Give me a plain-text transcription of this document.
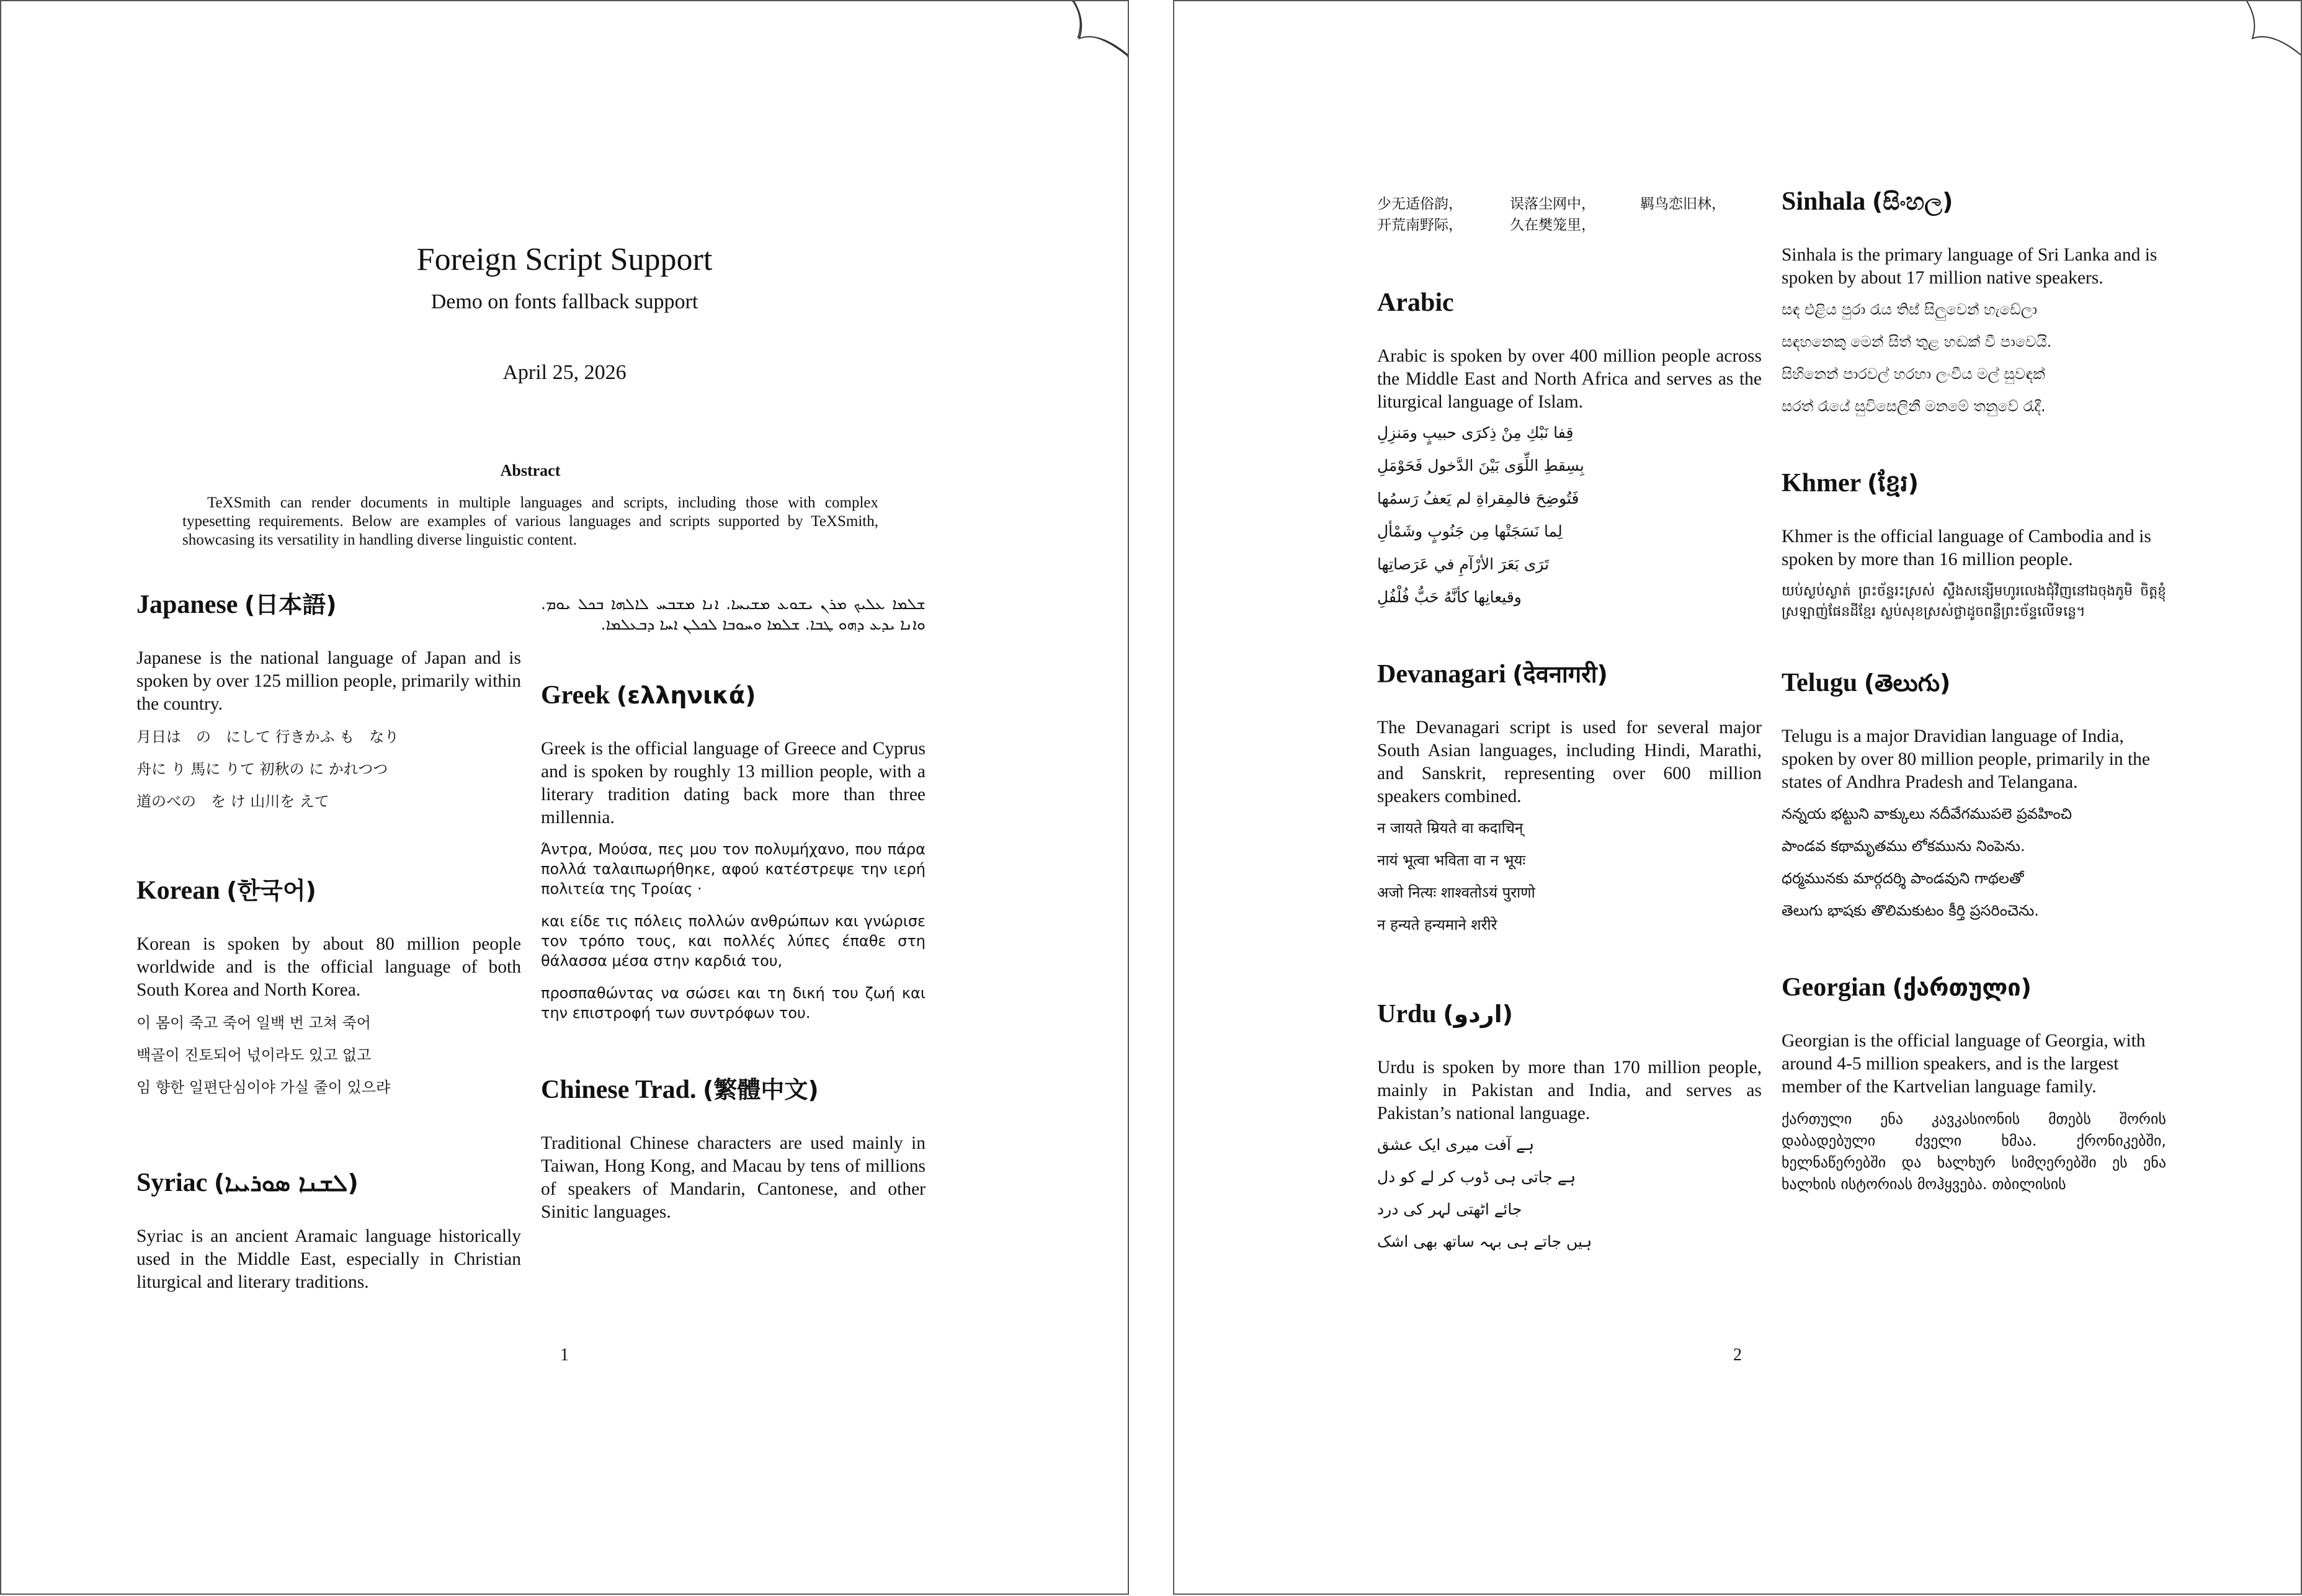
Foreign Script Support
Demo on fonts fallback support
April 25, 2026
Abstract

TeXSmith can render documents in multiple languages and scripts, including those with complex typesetting requirements. Below are examples of various languages and scripts supported by TeXSmith, showcasing its versatility in handling diverse linguistic content.

Japanese (日本語)

Japanese is the national language of Japan and is spoken by over 125 million people, primarily within the country.

月日は　の　にして 行きかふ も　なり

舟に り 馬に りて 初秋の に かれつつ

道のべの　を け 山川を えて

Korean (한국어)

Korean is spoken by about 80 million people worldwide and is the official language of both South Korea and North Korea.

이 몸이 죽고 죽어 일백 번 고쳐 죽어

백골이 진토되어 넋이라도 있고 없고

임 향한 일편단심이야 가실 줄이 있으랴

Syriac (ܠܫܢܐ ܣܘܪܝܝܐ)

Syriac is an ancient Aramaic language historically used in the Middle East, especially in Christian liturgical and literary traditions.

ܫܠܡܐ ܥܠܝܟ ܡܪܢ ܝܫܘܥ ܡܫܝܚܐ. ܐܢܐ ܡܫܒܚ ܠܐܠܗܐ ܒܟܠ ܝܘܡ. ܘܐܢܐ ܝܕܥ ܕܗܘ ܛܒܐ. ܫܠܡܐ ܘܚܘܒܐ ܠܟܠܢ ܐܚܐ ܕܒܥܠܡܐ.
Greek (ελληνικά)

Greek is the official language of Greece and Cyprus and is spoken by roughly 13 million people, with a literary tradition dating back more than three millennia.

Άντρα, Μούσα, πες μου τον πολυμήχανο, που πάρα πολλά ταλαιπωρήθηκε, αφού κατέστρεψε την ιερή πολιτεία της Τροίας ·

και είδε τις πόλεις πολλών ανθρώπων και γνώρισε τον τρόπο τους, και πολλές λύπες έπαθε στη θάλασσα μέσα στην καρδιά του,

προσπαθώντας να σώσει και τη δική του ζωή και την επιστροφή των συντρόφων του.

Chinese Trad. (繁體中文)

Traditional Chinese characters are used mainly in Taiwan, Hong Kong, and Macau by tens of millions of speakers of Mandarin, Cantonese, and other Sinitic languages.

1
少无适俗韵，	误落尘网中，	羁鸟恋旧林，
开荒南野际，	久在樊笼里，
Arabic

Arabic is spoken by over 400 million people across the Middle East and North Africa and serves as the liturgical language of Islam.

قِفا نَبْكِ مِنْ ذِكرَى حبيبٍ ومَنزِلِ

بِسِقطِ اللِّوَى بَيْنَ الدَّخول فَحَوْمَلِ

فَتُوضِحَ فالمِقراةِ لم يَعفُ رَسمُها

لِما نَسَجَتْها مِن جَنُوبٍ وشَمْألِ

تَرَى بَعَرَ الأرْآمِ في عَرَصاتِها

وقيعانِها كأنَّهُ حَبُّ فُلْفُلِ

Devanagari (देवनागरी)

The Devanagari script is used for several major South Asian languages, including Hindi, Marathi, and Sanskrit, representing over 600 million speakers combined.

न जायते म्रियते वा कदाचिन्

नायं भूत्वा भविता वा न भूयः

अजो नित्यः शाश्वतोऽयं पुराणो

न हन्यते हन्यमाने शरीरे

Urdu (اردو)

Urdu is spoken by more than 170 million people, mainly in Pakistan and India, and serves as Pakistan’s national language.

ہے آفت میری ایک عشق

ہے جاتی ہی ڈوب کر لے کو دل

جائے اٹھتی لہر کی درد

ہیں جاتے ہی بہہ ساتھ بھی اشک

Sinhala (සිංහල)

Sinhala is the primary language of Sri Lanka and is spoken by about 17 million native speakers.

සඳ එළිය පුරා රැය තිස් සිලුවෙන් හැඩේලා

සඳහනෙකු මෙන් සිත් තුළ හඬක් වී පාවෙයි.

සිහිනෙන් පාරවල් හරහා ලංවීය මල් සුවඳක්

සරත් රෑයේ සුවිසෙලිනී මනමේ තනුවේ රැදී.

Khmer (ខ្មែរ)

Khmer is the official language of Cambodia and is spoken by more than 16 million people.

យប់ស្ងប់ស្ងាត់ ព្រះច័ន្ទរះស្រស់ ស្ទឹងសន្សើមហូរលេងជុំវិញនៅឯចុងភូមិ ចិត្តខ្ញុំស្រឡាញ់ផែនដីខ្មែរ ស្ងប់សុខស្រស់ថ្លាដូចពន្លឺព្រះច័ន្ទលើទន្លេ។
Telugu (తెలుగు)

Telugu is a major Dravidian language of India, spoken by over 80 million people, primarily in the states of Andhra Pradesh and Telangana.

నన్నయ భట్టుని వాక్కులు నదీవేగముపలె ప్రవహించి

పాండవ కథామృతము లోకమును నింపెను.

ధర్మమునకు మార్గదర్శి పాండవుని గాథలతో

తెలుగు భాషకు తొలిమకుటం కీర్తి ప్రసరించెను.

Georgian (ქართული)

Georgian is the official language of Georgia, with around 4-5 million speakers, and is the largest member of the Kartvelian language family.

ქართული ენა კავკასიონის მთებს შორის დაბადებული ძველი ხმაა. ქრონიკებში, ხელნაწერებში და ხალხურ სიმღერებში ეს ენა ხალხის ისტორიას მოჰყვება. თბილისის
2
